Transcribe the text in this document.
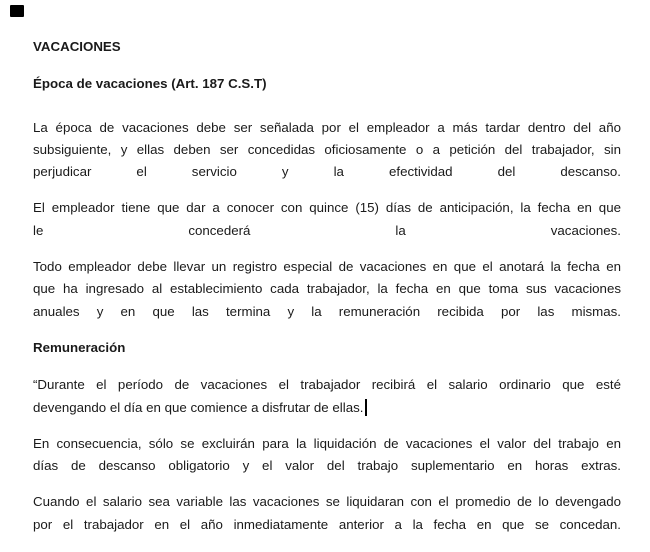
VACACIONES
Época de vacaciones (Art. 187 C.S.T)
La época de vacaciones debe ser señalada por el empleador a más tardar dentro del año
subsiguiente, y ellas deben ser concedidas oficiosamente o a petición del trabajador, sin
perjudicar el servicio y la efectividad del descanso.
El empleador tiene que dar a conocer con quince (15) días de anticipación, la fecha en que
le concederá la vacaciones.
Todo empleador debe llevar un registro especial de vacaciones en que el anotará la fecha en
que ha ingresado al establecimiento cada trabajador, la fecha en que toma sus vacaciones
anuales y en que las termina y la remuneración recibida por las mismas.
Remuneración
“Durante el período de vacaciones el trabajador recibirá el salario ordinario que esté
devengando el día en que comience a disfrutar de ellas.
En consecuencia, sólo se excluirán para la liquidación de vacaciones el valor del trabajo en
días de descanso obligatorio y el valor del trabajo suplementario en horas extras.
Cuando el salario sea variable las vacaciones se liquidaran con el promedio de lo devengado
por el trabajador en el año inmediatamente anterior a la fecha en que se concedan.
